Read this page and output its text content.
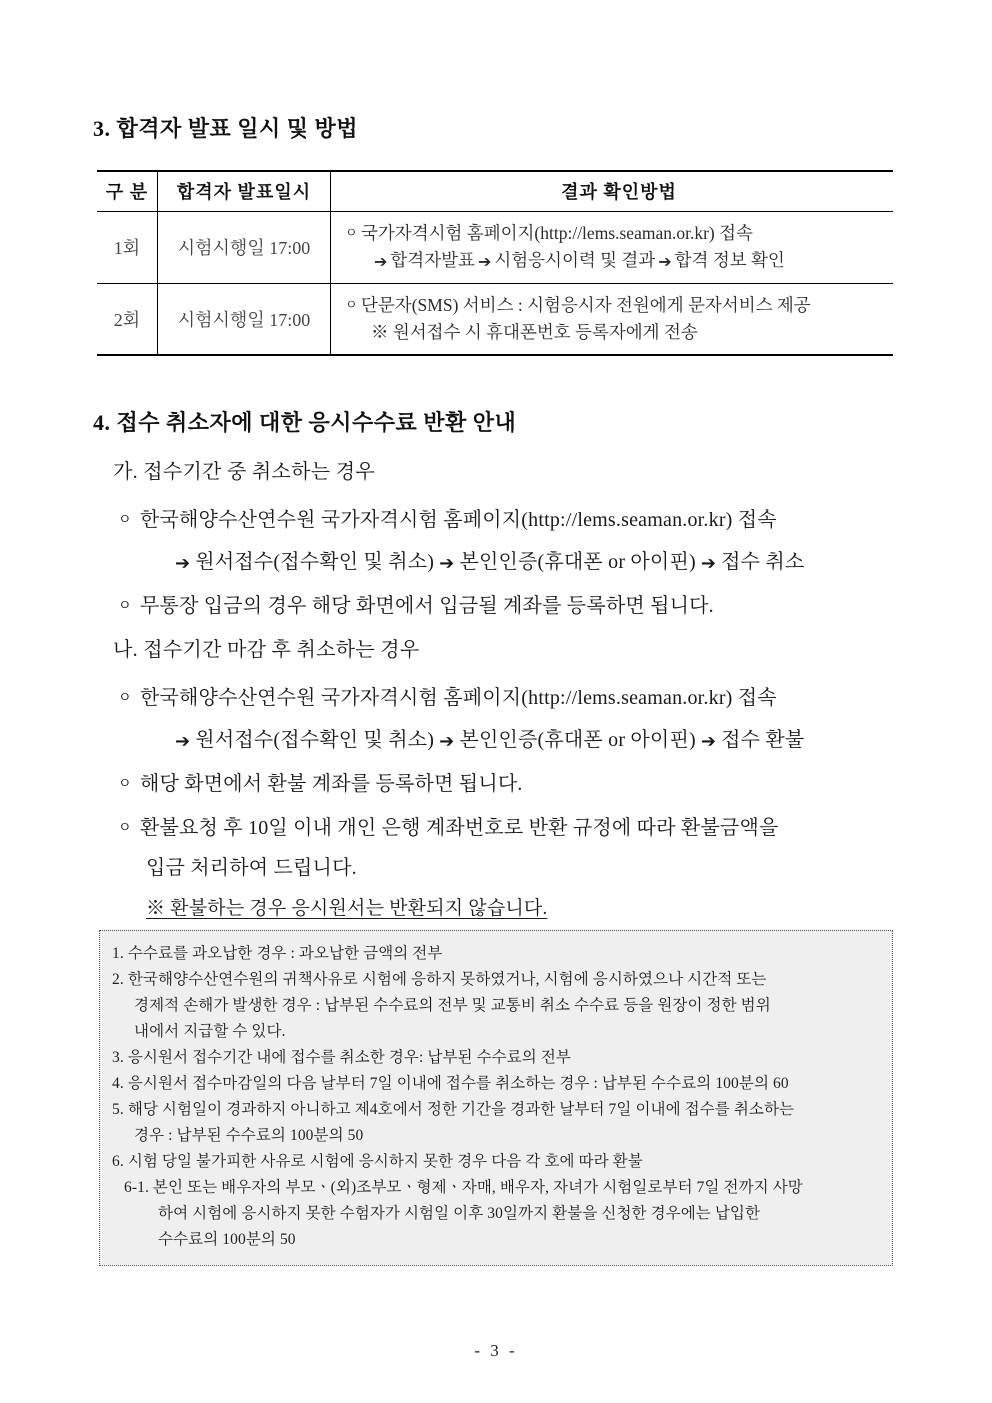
3. 합격자 발표 일시 및 방법
구 분	합격자 발표일시	결과 확인방법
1회	시험시행일 17:00	ㅇ 국가자격시험 홈페이지(http://lems.seaman.or.kr) 접속
➔ 합격자발표 ➔ 시험응시이력 및 결과 ➔ 합격 정보 확인

2회	시험시행일 17:00	ㅇ 단문자(SMS) 서비스 : 시험응시자 전원에게 문자서비스 제공
※ 원서접수 시 휴대폰번호 등록자에게 전송
4. 접수 취소자에 대한 응시수수료 반환 안내
가. 접수기간 중 취소하는 경우
ㅇ 한국해양수산연수원 국가자격시험 홈페이지(http://lems.seaman.or.kr) 접속
➔ 원서접수(접수확인 및 취소) ➔ 본인인증(휴대폰 or 아이핀) ➔ 접수 취소
ㅇ 무통장 입금의 경우 해당 화면에서 입금될 계좌를 등록하면 됩니다.
나. 접수기간 마감 후 취소하는 경우
ㅇ 한국해양수산연수원 국가자격시험 홈페이지(http://lems.seaman.or.kr) 접속
➔ 원서접수(접수확인 및 취소) ➔ 본인인증(휴대폰 or 아이핀) ➔ 접수 환불
ㅇ 해당 화면에서 환불 계좌를 등록하면 됩니다.
ㅇ 환불요청 후 10일 이내 개인 은행 계좌번호로 반환 규정에 따라 환불금액을
입금 처리하여 드립니다.
※ 환불하는 경우 응시원서는 반환되지 않습니다.
1. 수수료를 과오납한 경우 : 과오납한 금액의 전부
2. 한국해양수산연수원의 귀책사유로 시험에 응하지 못하였거나, 시험에 응시하였으나 시간적 또는
경제적 손해가 발생한 경우 : 납부된 수수료의 전부 및 교통비 취소 수수료 등을 원장이 정한 범위
내에서 지급할 수 있다.
3. 응시원서 접수기간 내에 접수를 취소한 경우: 납부된 수수료의 전부
4. 응시원서 접수마감일의 다음 날부터 7일 이내에 접수를 취소하는 경우 : 납부된 수수료의 100분의 60
5. 해당 시험일이 경과하지 아니하고 제4호에서 정한 기간을 경과한 날부터 7일 이내에 접수를 취소하는
경우 : 납부된 수수료의 100분의 50
6. 시험 당일 불가피한 사유로 시험에 응시하지 못한 경우 다음 각 호에 따라 환불
6-1. 본인 또는 배우자의 부모ㆍ(외)조부모ㆍ형제ㆍ자매, 배우자, 자녀가 시험일로부터 7일 전까지 사망
하여 시험에 응시하지 못한 수험자가 시험일 이후 30일까지 환불을 신청한 경우에는 납입한
수수료의 100분의 50
- 3 -
